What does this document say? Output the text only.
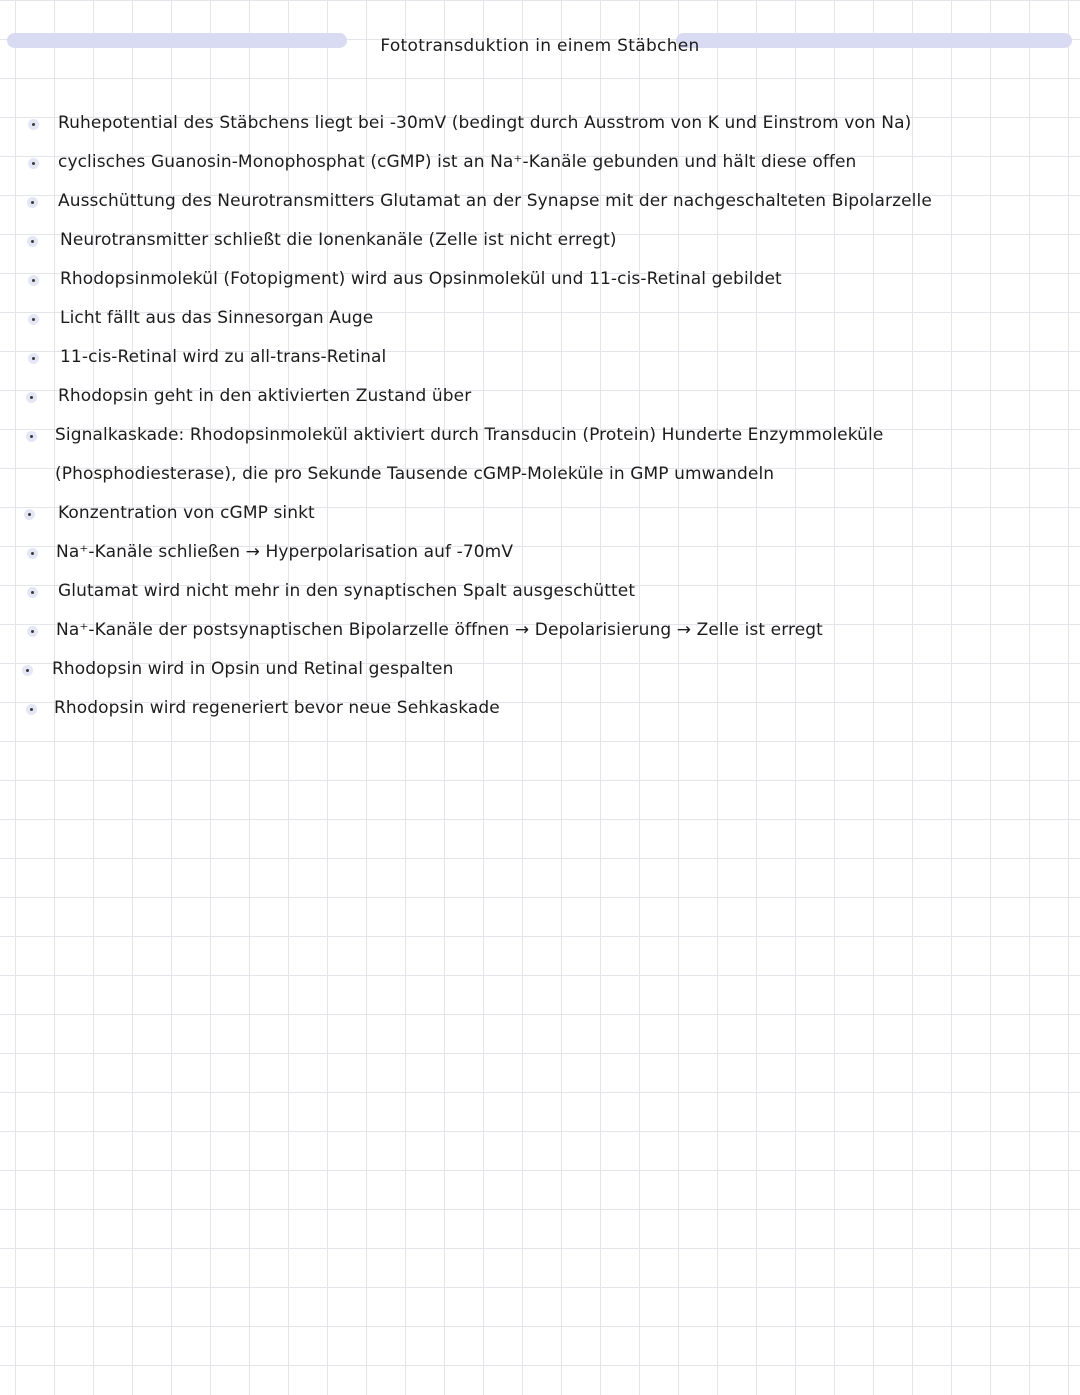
Fototransduktion in einem Stäbchen
Ruhepotential des Stäbchens liegt bei -30mV (bedingt durch Ausstrom von K und Einstrom von Na)
cyclisches Guanosin-Monophosphat (cGMP) ist an Na⁺-Kanäle gebunden und hält diese offen
Ausschüttung des Neurotransmitters Glutamat an der Synapse mit der nachgeschalteten Bipolarzelle
Neurotransmitter schließt die Ionenkanäle (Zelle ist nicht erregt)
Rhodopsinmolekül (Fotopigment) wird aus Opsinmolekül und 11-cis-Retinal gebildet
Licht fällt aus das Sinnesorgan Auge
11-cis-Retinal wird zu all-trans-Retinal
Rhodopsin geht in den aktivierten Zustand über
Signalkaskade: Rhodopsinmolekül aktiviert durch Transducin (Protein) Hunderte Enzymmoleküle (Phosphodiesterase), die pro Sekunde Tausende cGMP-Moleküle in GMP umwandeln
Konzentration von cGMP sinkt
Na⁺-Kanäle schließen → Hyperpolarisation auf -70mV
Glutamat wird nicht mehr in den synaptischen Spalt ausgeschüttet
Na⁺-Kanäle der postsynaptischen Bipolarzelle öffnen → Depolarisierung → Zelle ist erregt
Rhodopsin wird in Opsin und Retinal gespalten
Rhodopsin wird regeneriert bevor neue Sehkaskade
